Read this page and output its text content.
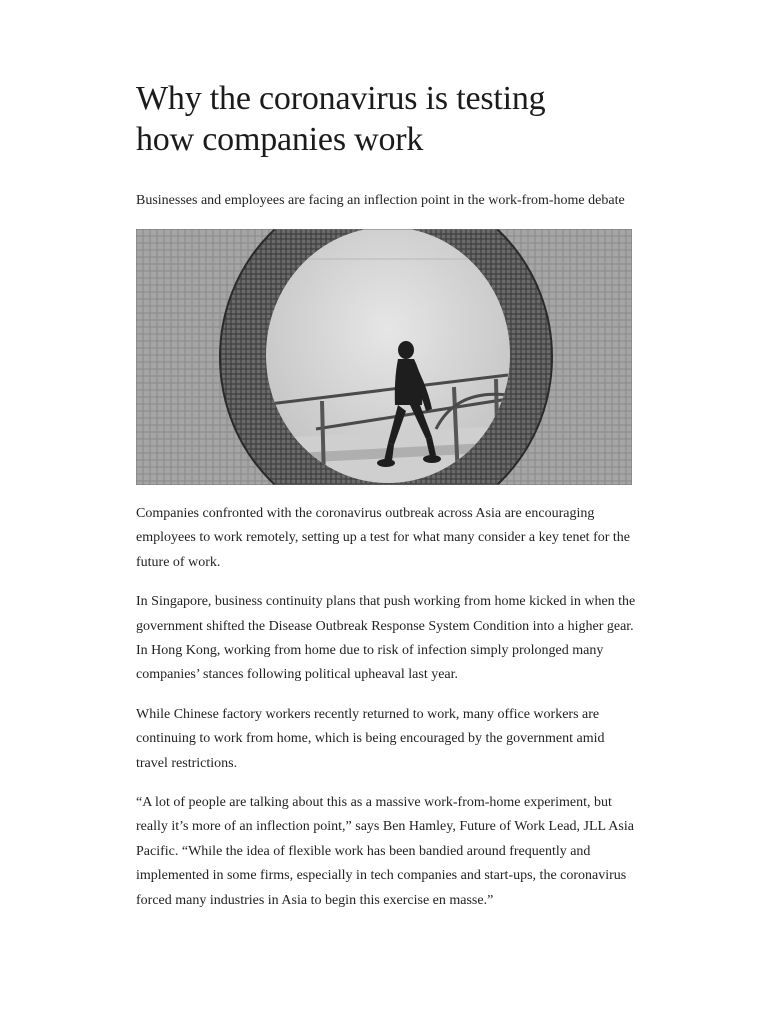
Why the coronavirus is testing
how companies work

Businesses and employees are facing an inflection point in the work-from-home debate

Companies confronted with the coronavirus outbreak across Asia are encouraging employees to work remotely, setting up a test for what many consider a key tenet for the future of work.

In Singapore, business continuity plans that push working from home kicked in when the government shifted the Disease Outbreak Response System Condition into a higher gear. In Hong Kong, working from home due to risk of infection simply prolonged many companies’ stances following political upheaval last year.

While Chinese factory workers recently returned to work, many office workers are continuing to work from home, which is being encouraged by the government amid travel restrictions.

“A lot of people are talking about this as a massive work-from-home experiment, but really it’s more of an inflection point,” says Ben Hamley, Future of Work Lead, JLL Asia Pacific. “While the idea of flexible work has been bandied around frequently and implemented in some firms, especially in tech companies and start-ups, the coronavirus forced many industries in Asia to begin this exercise en masse.”
